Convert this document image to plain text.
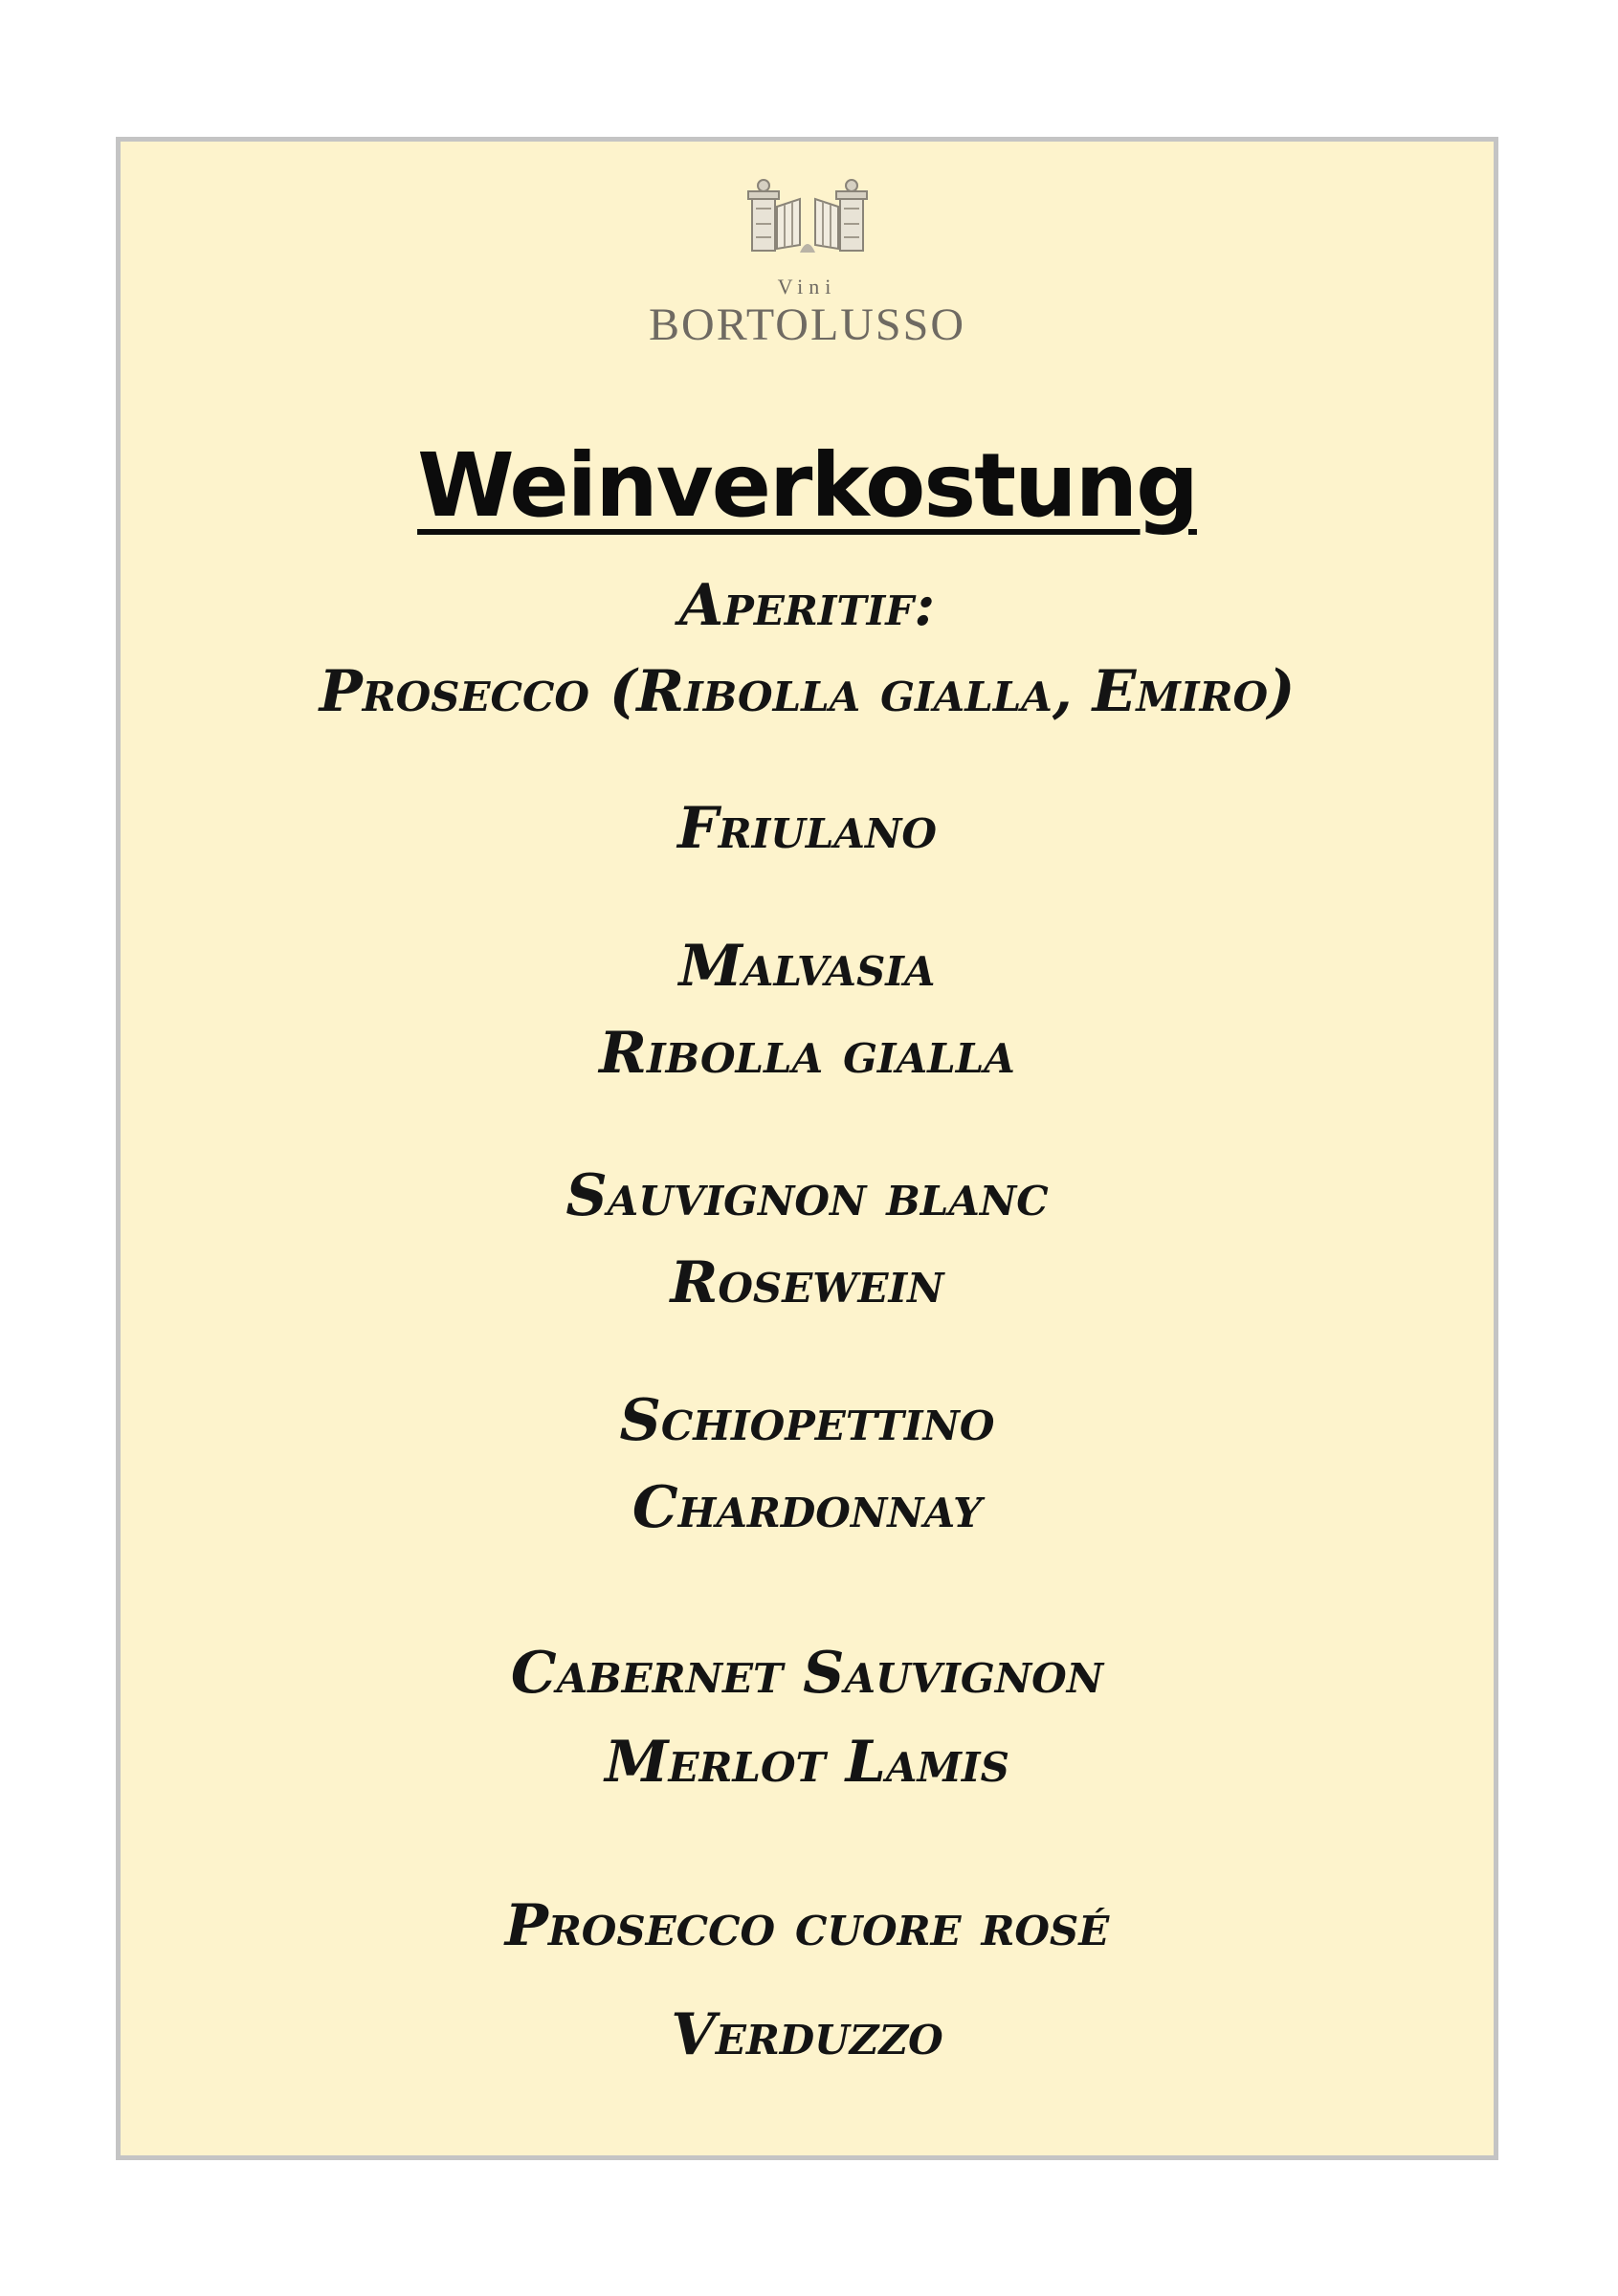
Vini
BORTOLUSSO
Weinverkostung
Aperitif:
Prosecco (Ribolla gialla, Emiro)
Friulano
Malvasia
Ribolla gialla
Sauvignon blanc
Rosewein
Schiopettino
Chardonnay
Cabernet Sauvignon
Merlot Lamis
Prosecco cuore rosé
Verduzzo
